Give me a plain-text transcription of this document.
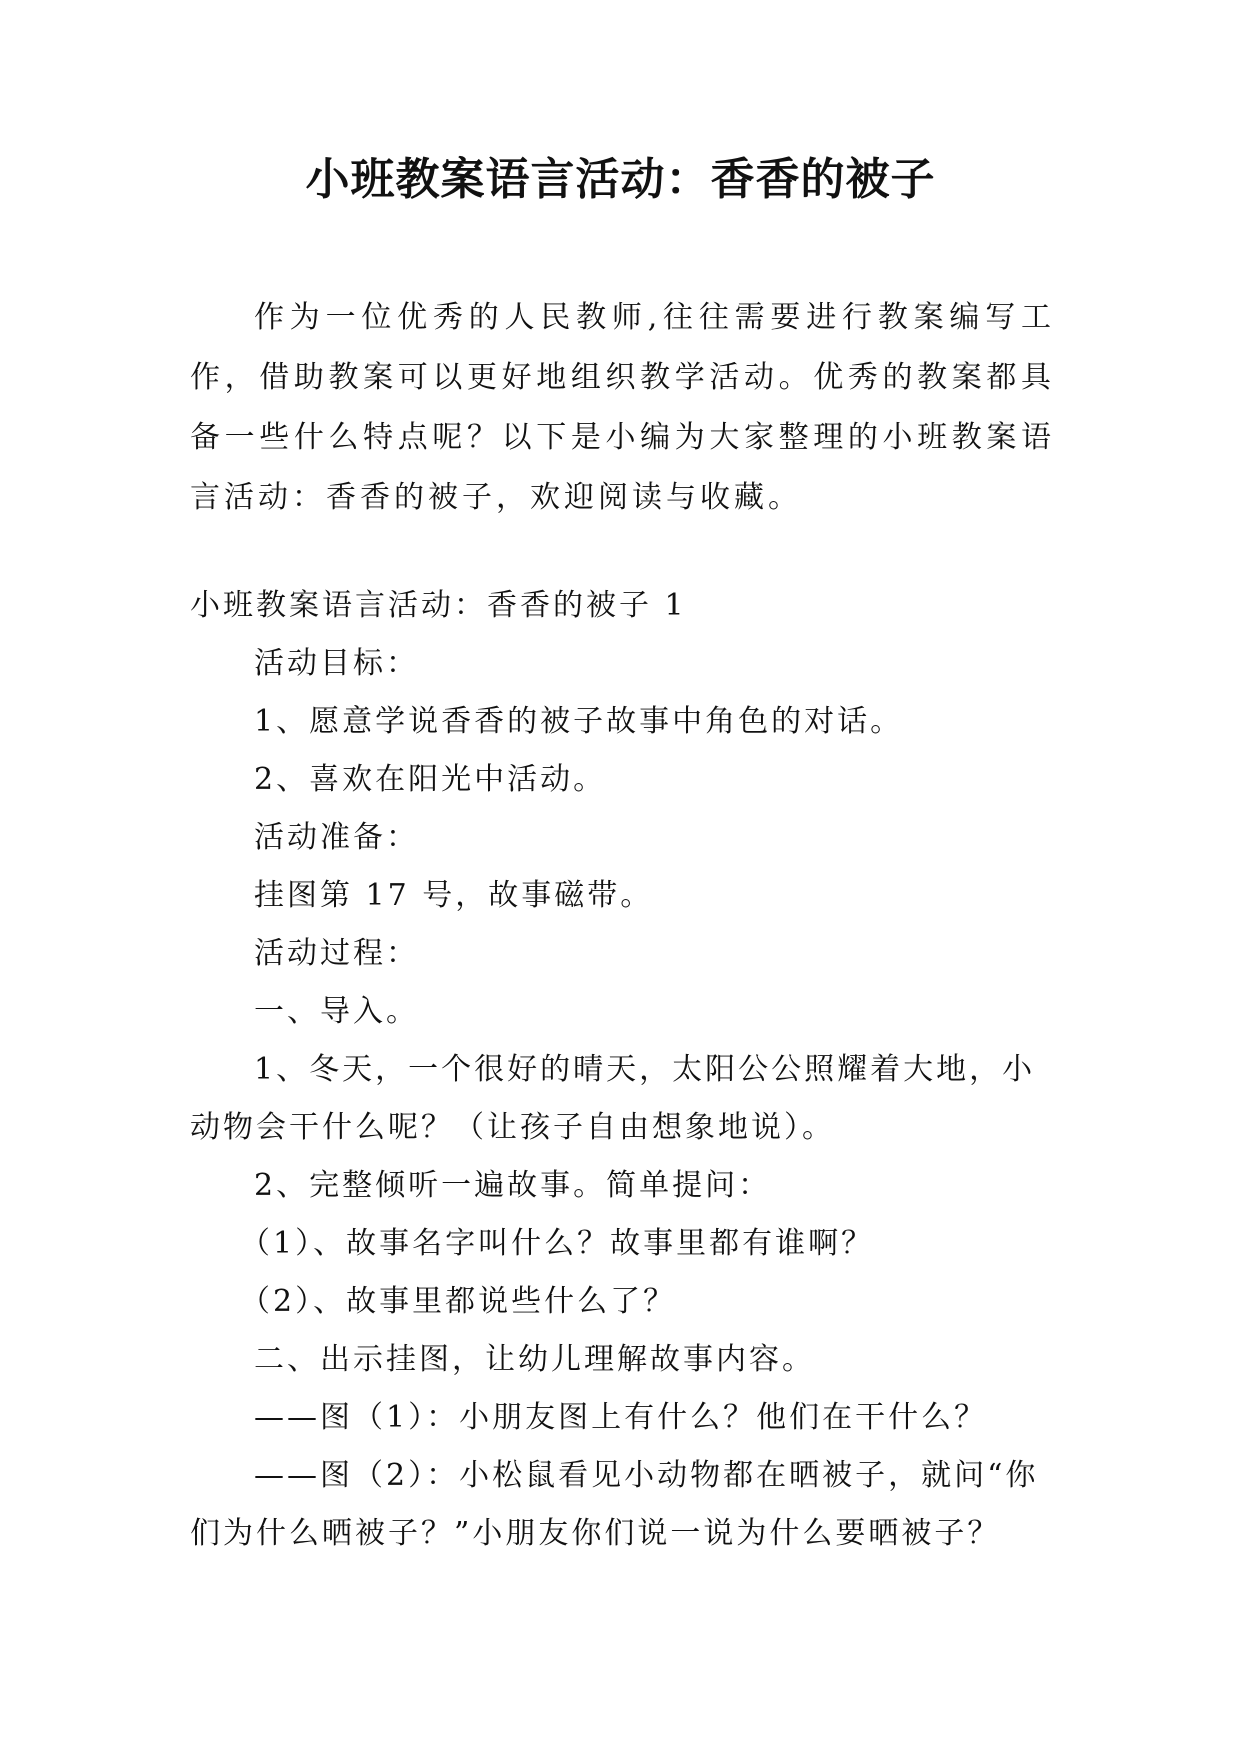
小班教案语言活动：香香的被子

作为一位优秀的人民教师,往往需要进行教案编写工作，借助教案可以更好地组织教学活动。优秀的教案都具备一些什么特点呢？以下是小编为大家整理的小班教案语言活动：香香的被子，欢迎阅读与收藏。

小班教案语言活动：香香的被子 1

活动目标：

1、愿意学说香香的被子故事中角色的对话。

2、喜欢在阳光中活动。

活动准备：

挂图第 17 号，故事磁带。

活动过程：

一、导入。

1、冬天，一个很好的晴天，太阳公公照耀着大地，小动物会干什么呢？（让孩子自由想象地说）。

2、完整倾听一遍故事。简单提问：

（1）、故事名字叫什么？故事里都有谁啊？

（2）、故事里都说些什么了？

二、出示挂图，让幼儿理解故事内容。

——图（1）：小朋友图上有什么？他们在干什么？

——图（2）：小松鼠看见小动物都在晒被子，就问“你们为什么晒被子？”小朋友你们说一说为什么要晒被子？
